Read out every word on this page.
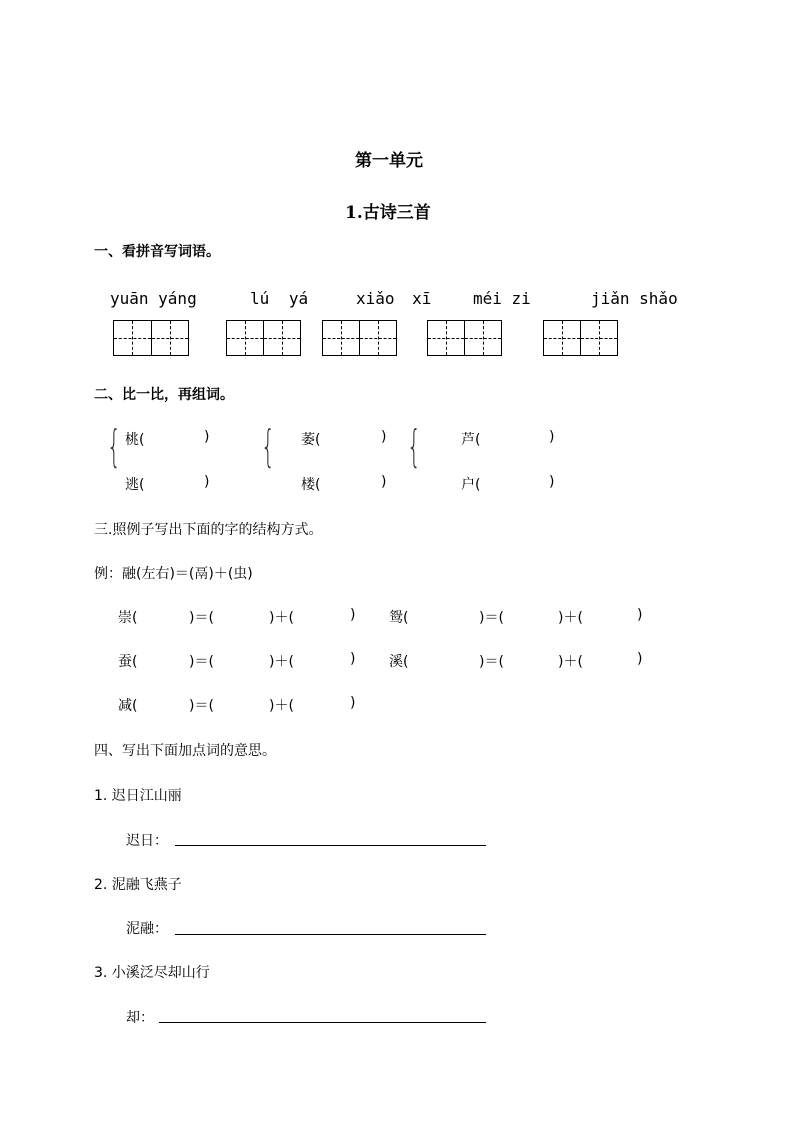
第一单元
1.古诗三首
一、看拼音写词语。
yuān yáng	lú yá	xiǎo xī	méi zi	jiǎn shǎo
二、比一比，再组词。
{	{	{
桃(	)
逃(	)
萎(	)
楼(	)
芦(	)
户(	)
三.照例子写出下面的字的结构方式。
例：融(左右)＝(鬲)＋(虫)
崇(	)＝(	)＋(	) 鸳(	)＝(	)＋(	)
蚕(	)＝(	)＋(	) 溪(	)＝(	)＋(	)
减(	)＝(	)＋(	)
四、写出下面加点词的意思。
1. 迟日江山丽
迟日：
2. 泥融飞燕子
泥融：
3. 小溪泛尽却山行
却：
